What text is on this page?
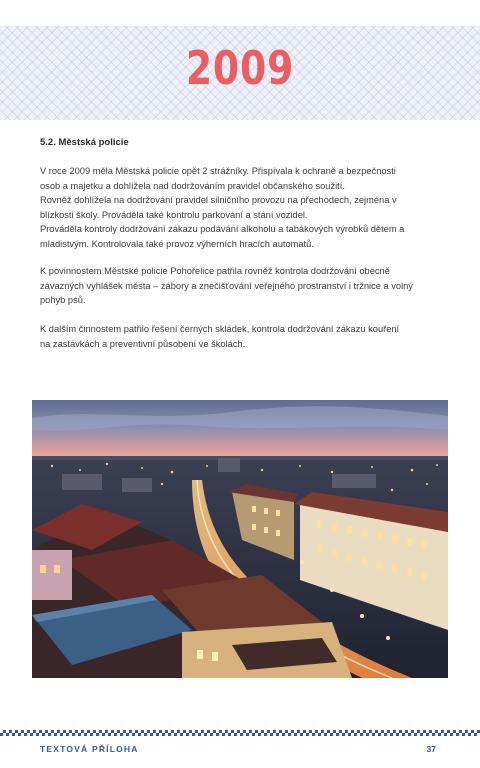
2009
5.2. Městská policie

V roce 2009 měla Městská policie opět 2 strážníky. Přispívala k ochraně a bezpečnosti

osob a majetku a dohlížela nad dodržováním pravidel občanského soužití.

Rovněž dohlížela na dodržování pravidel silničního provozu na přechodech, zejména v

blízkosti školy. Prováděla také kontrolu parkování a stání vozidel.

Prováděla kontroly dodržování zákazu podávání alkoholu a tabákových výrobků dětem a

mladistvým. Kontrolovala také provoz výherních hracích automatů.

K povinnostem Městské policie Pohořelice patřila rovněž kontrola dodržování obecně

závazných vyhlášek města – zábory a znečišťování veřejného prostranství i tržnice a volný

pohyb psů.

K dalším činnostem patřilo řešení černých skládek, kontrola dodržování zákazu kouření

na zastávkách a preventivní působení ve školách.

TEXTOVÁ PŘÍLOHA	37
